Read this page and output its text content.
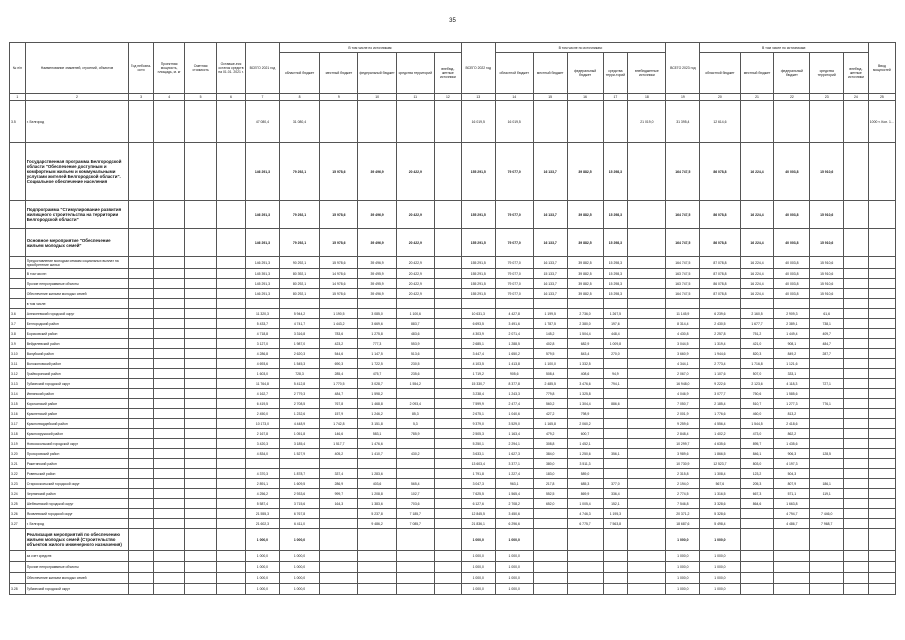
35
№ п/п	Наименование знаменей, строений, объектов	Год пебозна-ости	Проектная мощность, площадь, м. кг	Сметная стоимость	Оставше-еся остаток средств на 01.01. 2021 г.	ВСЕГО 2021 год	В том числе по источникам:					ВСЕГО 2022 год	В том числе по источникам:					ВСЕГО 2023 год	В том числе по источникам:					Ввод мощностей
							областной бюджет	местный бюджет	федеральный бюджет	средства территорий	внебюд-жетные источники		областной бюджет	местный бюджет	федеральный бюджет	средства терри-торий	внебюджетные источники		областной бюджет	местный бюджет	федеральный бюджет	средства территорий	внебюд-жетные источники	
1	2	3	4	5	6	7	8	9	10	11	12	13	14	15	16	17	18	19	20	21	22	23	24	25
3.5	г. Белгород					47 080,4	31 080,4					16 019,5	16 019,5				21 019,0	31 395,4	12 614,6					1000 т. Кол. 1...
	Государственная программа Белгородской области "Обеспечение доступным и комфортным жильем и коммунальными услугами жителей Белгородской области". Социальное обеспечение населения					146 291,3	79 292,1	15 978,6	39 496,9	20 422,9		155 291,5	79 077,0	16 133,7	39 882,5	15 298,3		164 747,5	86 078,8	16 224,4	40 003,8	15 910,6		
	Подпрограмма "Стимулирование развития жилищного строительства на территории Белгородской области"					146 291,3	79 292,1	15 978,6	39 496,9	20 422,9		155 291,5	79 077,0	16 133,7	39 882,5	15 298,3		164 747,5	86 078,8	16 224,4	40 003,8	15 910,6		
	Основное мероприятие "Обеспечение жильем молодых семей"					146 291,3	79 292,1	15 978,6	39 496,9	20 422,9		155 291,5	79 077,0	16 133,7	39 882,5	15 298,3		164 747,5	86 078,8	16 224,4	40 003,8	15 910,6		
	Предоставление молодым семьям социальных выплат на приобретение жилья					146 291,3	90 292,1	15 978,6	39 496,9	20 422,9		155 291,5	79 077,0	16 133,7	39 882,5	15 298,3		164 747,5	87 078,8	16 224,4	40 003,8	15 910,6		
	В том числе:					145 391,3	80 392,1	14 978,6	39 495,9	20 422,9		155 291,5	79 077,0	15 133,7	39 882,5	15 298,3		163 747,5	87 078,8	16 224,4	40 003,8	15 910,6		
	Прочие непрограммные объекты					145 291,3	80 292,1	14 978,6	39 495,9	20 422,9		155 291,5	79 077,0	16 133,7	39 882,5	15 298,3		163 747,5	86 078,8	16 224,4	40 003,8	15 910,6		
	Обеспечение жильем молодых семей					146 291,3	80 292,1	15 978,6	39 496,9	20 422,9		155 291,5	79 077,0	16 133,7	39 882,5	15 298,3		164 747,5	87 078,8	16 224,4	40 003,8	15 910,6		
	в том числе:																							
3.6	Алексеевский городской округ					11 320,3	5 944,2	1 190,5	3 085,0	1 100,6		10 631,3	4 427,8	1 199,5	2 736,0	1 267,5		11 145,9	6 239,6	2 160,5	2 909,3	61,6		
3.7	Белгородский район					5 433,7	4 741,7	1 443,2	3 669,6	883,7		6 693,5	3 491,6	1 787,5	2 380,0	197,6		8 314,4	2 430,5	1 677,7	2 389,1	738,1		
3.8	Борисовский район					4 718,8	3 316,8	783,6	1 275,8	483,6		4 303,9	2 071,4	145,2	1 504,4	448,4		4 430,8	2 257,8	751,2	1 449,4	409,7		
3.9	Вейделевский район					3 127,0	1 987,0	423,2	777,3	553,9		2 685,1	1 288,5	402,8	682,9	1 009,8		3 044,5	1 319,4	421,0	908,1	484,7		
3.10	Валуйский район					4 286,8	2 620,3	544,6	1 147,5	513,6		3 447,4	1 650,2	579,5	843,4	270,0		3 660,9	1 944,6	820,3	849,2	287,7		
3.11	Волоконовский район					4 693,6	1 545,3	690,3	1 722,5	230,5		4 103,5	1 413,8	1 100,0	1 332,5			4 344,1	2 773,4	1 716,8	1 121,6			
3.12	Грайворонский район					1 603,0	728,3	285,4	475,7	235,6		1 719,2	905,6	508,4	408,6	94,9		2 067,0	1 107,6	507,0	333,1			
3.13	Губкинский городской округ					11 764,8	5 412,8	1 770,5	3 028,7	1 554,2		15 330,7	8 377,8	2 485,5	3 476,6	794,1		16 948,0	9 222,6	2 123,6	4 118,3	727,1		
3.14	Ивнянский район					4 162,7	2 779,3	484,7	1 598,2			3 238,4	1 243,3	779,8	1 325,8			4 046,9	3 077,7	750,6	1 585,6			
3.15	Корочанский район					6 419,5	2 708,5	767,8	1 468,8	2 093,4		7 599,9	2 477,4	560,2	1 304,4	886,6		7 050,7	2 185,4	510,7	1 277,3	776,1		
3.16	Красненский район					2 450,0	1 232,6	157,9	1 246,2	85,3		2 675,1	1 040,6	427,2	798,9			2 001,9	1 776,6	460,0	813,2			
3.17	Красногвардейский район					10 173,0	4 448,9	1 742,8	3 151,8	5,3		9 379,0	3 529,0	1 165,8	2 060,2			9 259,6	4 556,4	1 544,5	2 418,6			
3.18	Краснояружский район					2 167,8	1 051,8	146,6	583,1	785,9		2 505,3	1 163,4	479,2	600,7			2 848,4	1 402,2	473,0	862,2			
3.19	Новооскольский городской округ					3 420,3	3 185,4	1 517,7	1 476,6			5 250,1	2 294,1	308,8	1 452,1			10 299,7	4 635,6	895,7	1 435,6			
3.20	Прохоровский район					4 834,0	1 527,9	405,2	1 410,7	430,2		3 633,1	1 627,3	384,0	1 250,6	356,1		3 989,6	1 866,5	846,1	906,3	128,5		
3.21	Ракитянский район											13 603,4	3 377,1	380,0	3 511,3			10 730,9	12 523,7	803,0	4 197,3			
3.22	Ровеньский район					4 370,3	1 878,7	337,4	1 283,6			1 791,8	1 227,4	183,0	589,0			2 315,8	1 308,4	123,2	504,3			
3.23	Старооскольский городской округ					2 891,1	1 609,5	286,9	403,6	565,4		3 047,3	963,1	217,8	685,3	377,0		2 194,0	567,6	205,3	807,9	186,1		
3.24	Чернянский район					4 256,2	2 933,6	999,7	1 208,8	102,7		7 625,5	1 565,4	552,5	869,9	336,4		2 774,5	1 316,5	667,3	571,1	119,1		
3.25	Шебекинский городской округ					5 587,4	3 715,6	164,3	1 383,6	703,6		6 127,6	2 708,2	652,0	1 005,4	152,1		7 546,8	3 328,6	864,6	1 663,8			
3.26	Яковлевский городской округ					21 555,3	6 767,8		5 237,8	7 185,7		12 845,5	3 450,6		4 746,3	1 195,3		20 371,2	5 328,6		4 794,7	7 446,0		
3.27	г. Белгород					21 602,3	6 411,0		9 486,2	7 085,7		21 836,1	6 296,6		6 775,7	7 563,8		18 687,6	5 498,4		4 486,7	7 968,7		
	Реализация мероприятий по обеспечению жильем молодых семей (Строительство объектов жилого инженерного назначения)					1 000,0	1 000,0					1 000,0	1 000,0					1 000,0	1 000,0					
	за счет средств:					1 000,0	1 000,0					1 000,0	1 000,0					1 000,0	1 000,0					
	Прочие непрограммные объекты					1 000,0	1 000,0					1 000,0	1 000,0					1 000,0	1 000,0					
	Обеспечение жильем молодых семей					1 000,0	1 000,0					1 000,0	1 000,0					1 000,0	1 000,0					
3.28	Губкинский городской округ					1 000,0	1 000,0					1 000,0	1 000,0					1 000,0	1 000,0					
